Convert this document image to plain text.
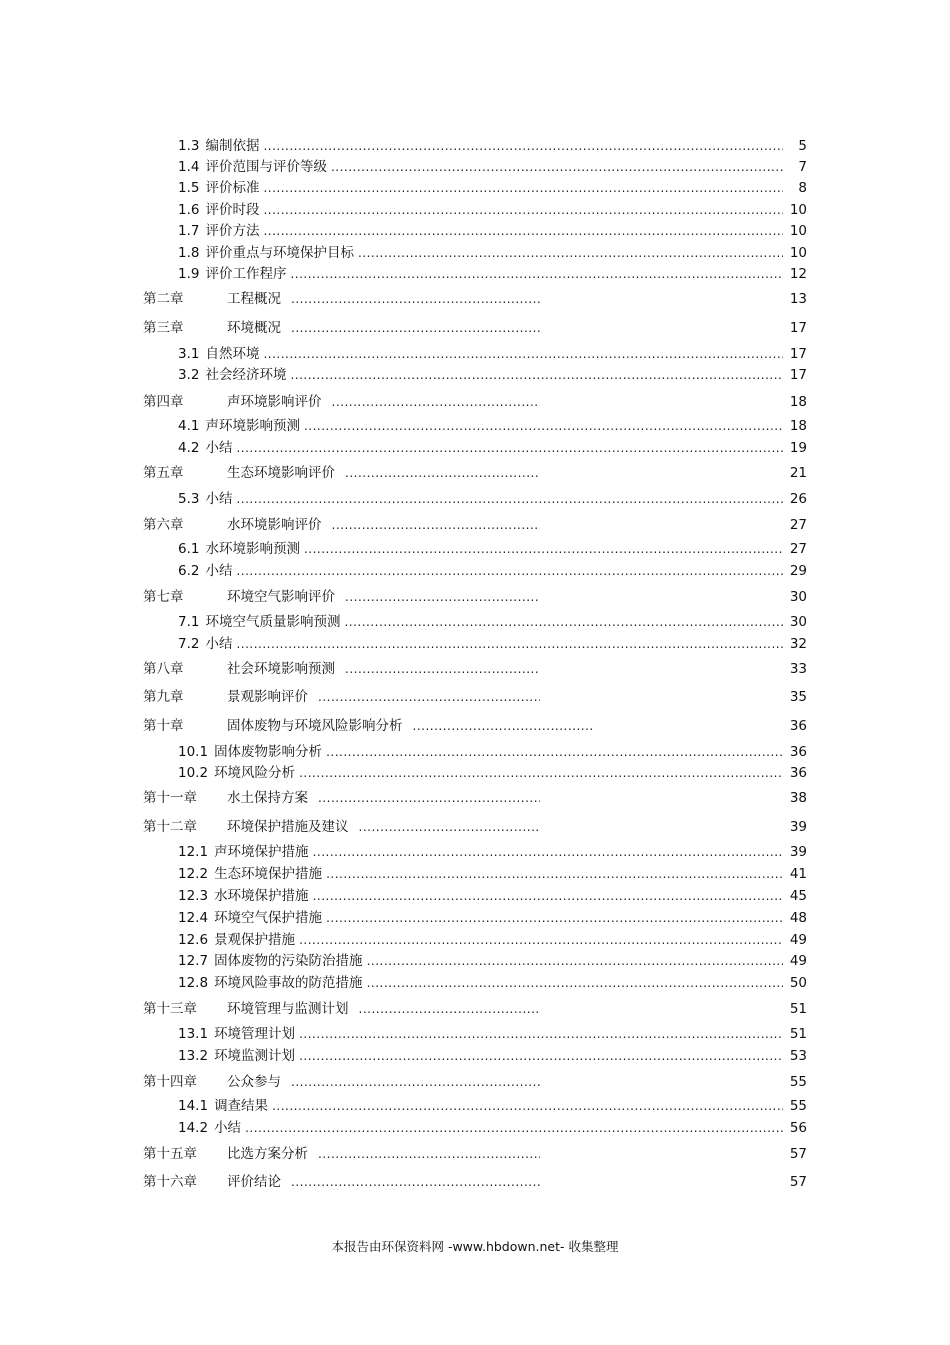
1.3 编制依据 .....	5
1.4 评价范围与评价等级 .....	7
1.5 评价标准 .....	8
1.6 评价时段 .....	10
1.7 评价方法 .....	10
1.8 评价重点与环境保护目标 .....	10
1.9 评价工作程序 .....	12
第二章	工程概况 .....	13
第三章	环境概况 .....	17
3.1 自然环境 .....	17
3.2 社会经济环境 .....	17
第四章	声环境影响评价 .....	18
4.1 声环境影响预测 .....	18
4.2 小结 .....	19
第五章	生态环境影响评价 .....	21
5.3 小结 .....	26
第六章	水环境影响评价 .....	27
6.1 水环境影响预测 .....	27
6.2 小结 .....	29
第七章	环境空气影响评价 .....	30
7.1 环境空气质量影响预测 .....	30
7.2 小结 .....	32
第八章	社会环境影响预测 .....	33
第九章	景观影响评价 .....	35
第十章	固体废物与环境风险影响分析 .....	36
10.1 固体废物影响分析 .....	36
10.2 环境风险分析 .....	36
第十一章 水土保持方案 .....	38
第十二章 环境保护措施及建议 .....	39
12.1 声环境保护措施 .....	39
12.2 生态环境保护措施 .....	41
12.3 水环境保护措施 .....	45
12.4 环境空气保护措施 .....	48
12.6 景观保护措施 .....	49
12.7 固体废物的污染防治措施 .....	49
12.8 环境风险事故的防范措施 .....	50
第十三章 环境管理与监测计划 .....	51
13.1 环境管理计划 .....	51
13.2 环境监测计划 .....	53
第十四章 公众参与 .....	55
14.1 调查结果 .....	55
14.2 小结 .....	56
第十五章 比选方案分析 .....	57
第十六章 评价结论 .....	57
本报告由环保资料网 -www.hbdown.net- 收集整理
